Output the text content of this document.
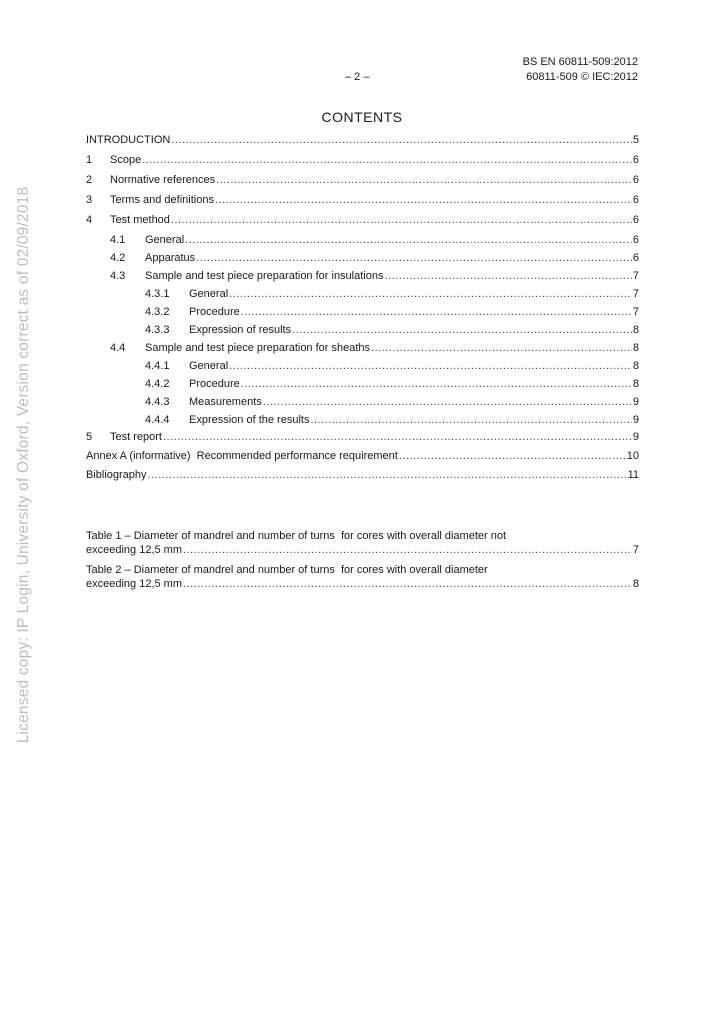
BS EN 60811-509:2012
– 2 –	60811-509 © IEC:2012
CONTENTS
INTRODUCTION .....	5
1	Scope .....	6
2	Normative references .....	6
3	Terms and definitions .....	6
4	Test method .....	6
4.1	General .....	6
4.2	Apparatus .....	6
4.3	Sample and test piece preparation for insulations .....	7
4.3.1	General .....	7
4.3.2	Procedure .....	7
4.3.3	Expression of results .....	8
4.4	Sample and test piece preparation for sheaths .....	8
4.4.1	General .....	8
4.4.2	Procedure .....	8
4.4.3	Measurements .....	9
4.4.4	Expression of the results .....	9
5	Test report .....	9
Annex A (informative)  Recommended performance requirement .....	10
Bibliography .....	11
Table 1 – Diameter of mandrel and number of turns  for cores with overall diameter not
exceeding 12,5 mm .....	7
Table 2 – Diameter of mandrel and number of turns  for cores with overall diameter
exceeding 12,5 mm .....	8
Licensed copy: IP Login, University of Oxford, Version correct as of 02/09/2018
